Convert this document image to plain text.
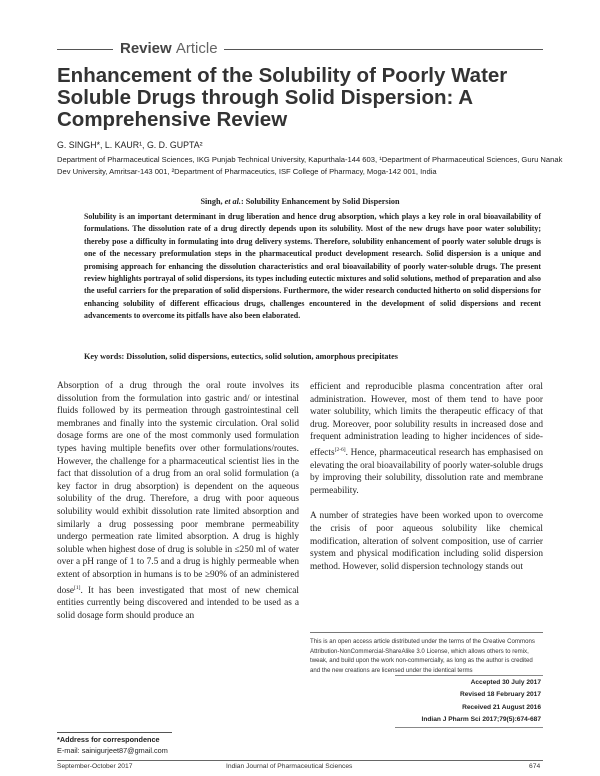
Review Article
Enhancement of the Solubility of Poorly Water Soluble Drugs through Solid Dispersion: A Comprehensive Review
G. SINGH*, L. KAUR¹, G. D. GUPTA²
Department of Pharmaceutical Sciences, IKG Punjab Technical University, Kapurthala-144 603, ¹Department of Pharmaceutical Sciences, Guru Nanak Dev University, Amritsar-143 001, ²Department of Pharmaceutics, ISF College of Pharmacy, Moga-142 001, India
Singh, et al.: Solubility Enhancement by Solid Dispersion
Solubility is an important determinant in drug liberation and hence drug absorption, which plays a key role in oral bioavailability of formulations. The dissolution rate of a drug directly depends upon its solubility. Most of the new drugs have poor water solubility; thereby pose a difficulty in formulating into drug delivery systems. Therefore, solubility enhancement of poorly water soluble drugs is one of the necessary preformulation steps in the pharmaceutical product development research. Solid dispersion is a unique and promising approach for enhancing the dissolution characteristics and oral bioavailability of poorly water-soluble drugs. The present review highlights portrayal of solid dispersions, its types including eutectic mixtures and solid solutions, method of preparation and also the useful carriers for the preparation of solid dispersions. Furthermore, the wider research conducted hitherto on solid dispersions for enhancing solubility of different efficacious drugs, challenges encountered in the development of solid dispersions and recent advancements to overcome its pitfalls have also been elaborated.
Key words: Dissolution, solid dispersions, eutectics, solid solution, amorphous precipitates

Absorption of a drug through the oral route involves its dissolution from the formulation into gastric and/ or intestinal fluids followed by its permeation through gastrointestinal cell membranes and finally into the systemic circulation. Oral solid dosage forms are one of the most commonly used formulation types having multiple benefits over other formulations/routes. However, the challenge for a pharmaceutical scientist lies in the fact that dissolution of a drug from an oral solid formulation (a key factor in drug absorption) is dependent on the aqueous solubility of the drug. Therefore, a drug with poor aqueous solubility would exhibit dissolution rate limited absorption and similarly a drug possessing poor membrane permeability undergo permeation rate limited absorption. A drug is highly soluble when highest dose of drug is soluble in ≤250 ml of water over a pH range of 1 to 7.5 and a drug is highly permeable when extent of absorption in humans is to be ≥90% of an administered dose[1]. It has been investigated that most of new chemical entities currently being discovered and intended to be used as a solid dosage form should produce an

efficient and reproducible plasma concentration after oral administration. However, most of them tend to have poor water solubility, which limits the therapeutic efficacy of that drug. Moreover, poor solubility results in increased dose and frequent administration leading to higher incidences of side-effects[2-6]. Hence, pharmaceutical research has emphasised on elevating the oral bioavailability of poorly water-soluble drugs by improving their solubility, dissolution rate and membrane permeability.

A number of strategies have been worked upon to overcome the crisis of poor aqueous solubility like chemical modification, alteration of solvent composition, use of carrier system and physical modification including solid dispersion method. However, solid dispersion technology stands out

This is an open access article distributed under the terms of the Creative Commons Attribution-NonCommercial-ShareAlike 3.0 License, which allows others to remix, tweak, and build upon the work non-commercially, as long as the author is credited and the new creations are licensed under the identical terms
Accepted 30 July 2017
Revised 18 February 2017
Received 21 August 2016
Indian J Pharm Sci 2017;79(5):674-687
*Address for correspondence
E-mail: sainigurjeet87@gmail.com
September-October 2017	Indian Journal of Pharmaceutical Sciences	674
